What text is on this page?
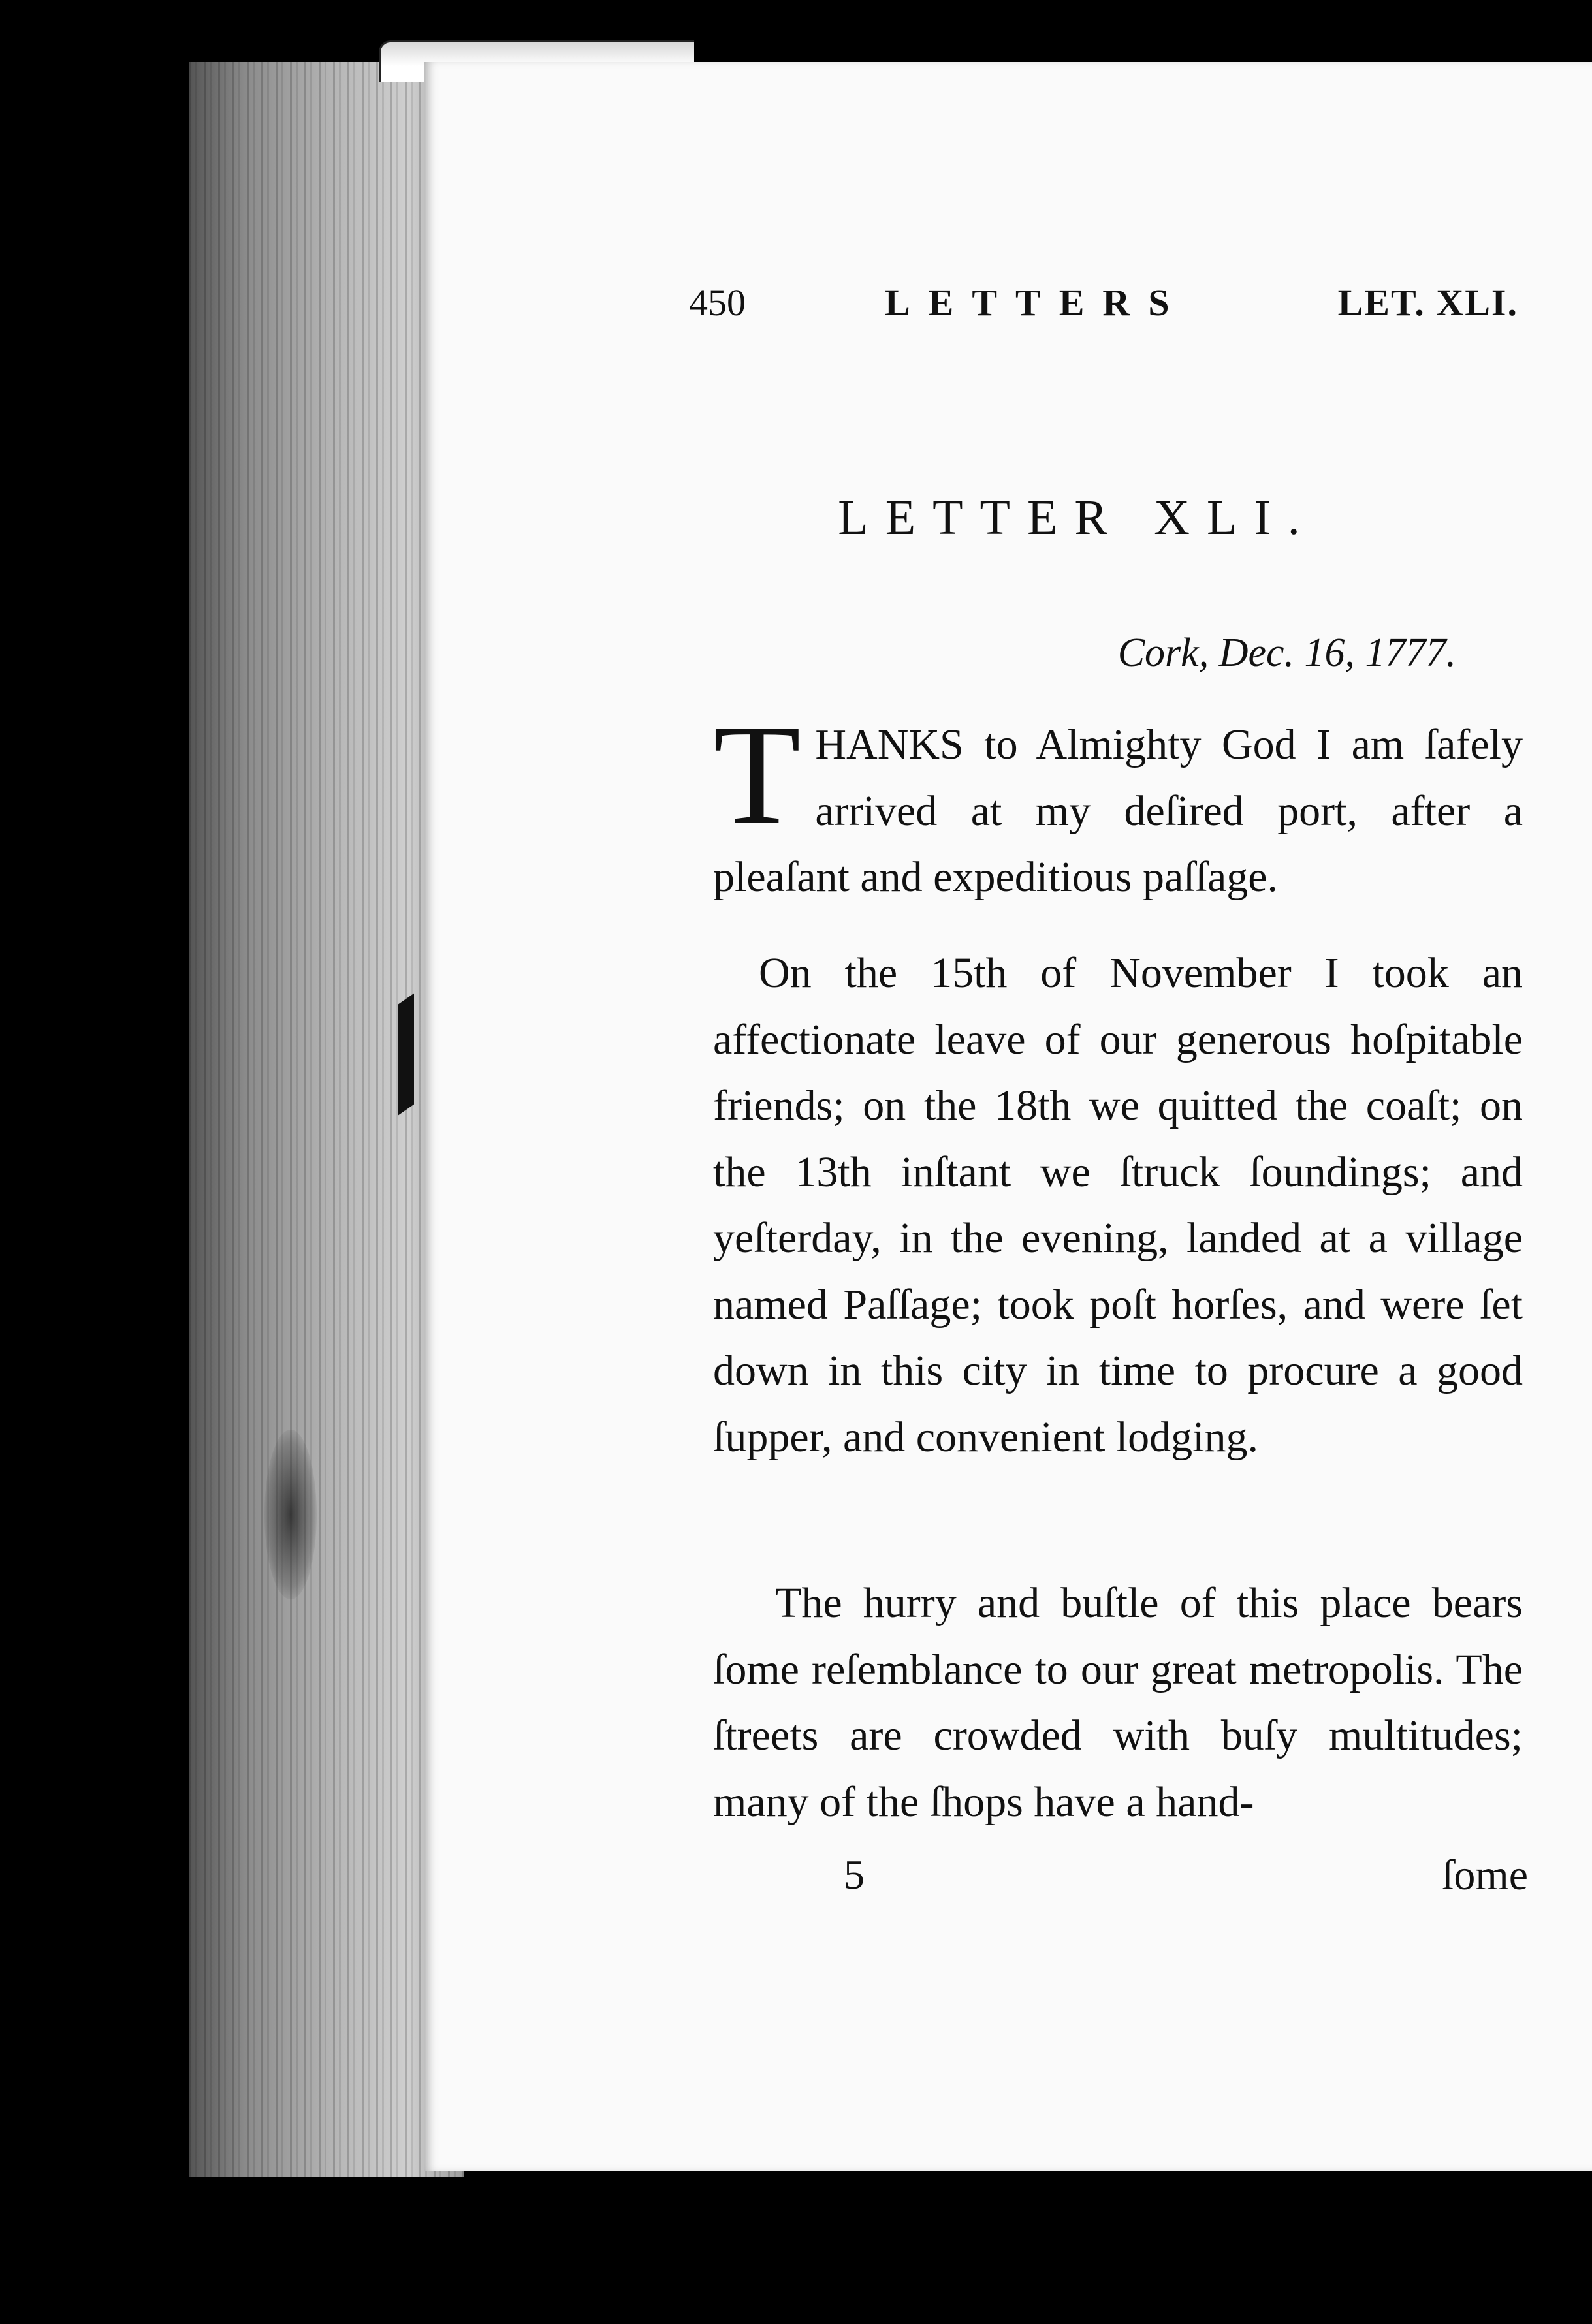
450	LETTERS	LET. XLI.
LETTER XLI.
Cork, Dec. 16, 1777.

THANKS to Almighty God I am ſafely arrived at my deſired port, after a pleaſant and expeditious paſſage.

On the 15th of November I took an affectionate leave of our generous hoſpitable friends; on the 18th we quitted the coaſt; on the 13th inſtant we ſtruck ſoundings; and yeſterday, in the evening, landed at a village named Paſſage; took poſt horſes, and were ſet down in this city in time to procure a good ſupper, and convenient lodging.

The hurry and buſtle of this place bears ſome reſemblance to our great metropolis. The ſtreets are crowded with buſy multitudes; many of the ſhops have a hand-

5	ſome
